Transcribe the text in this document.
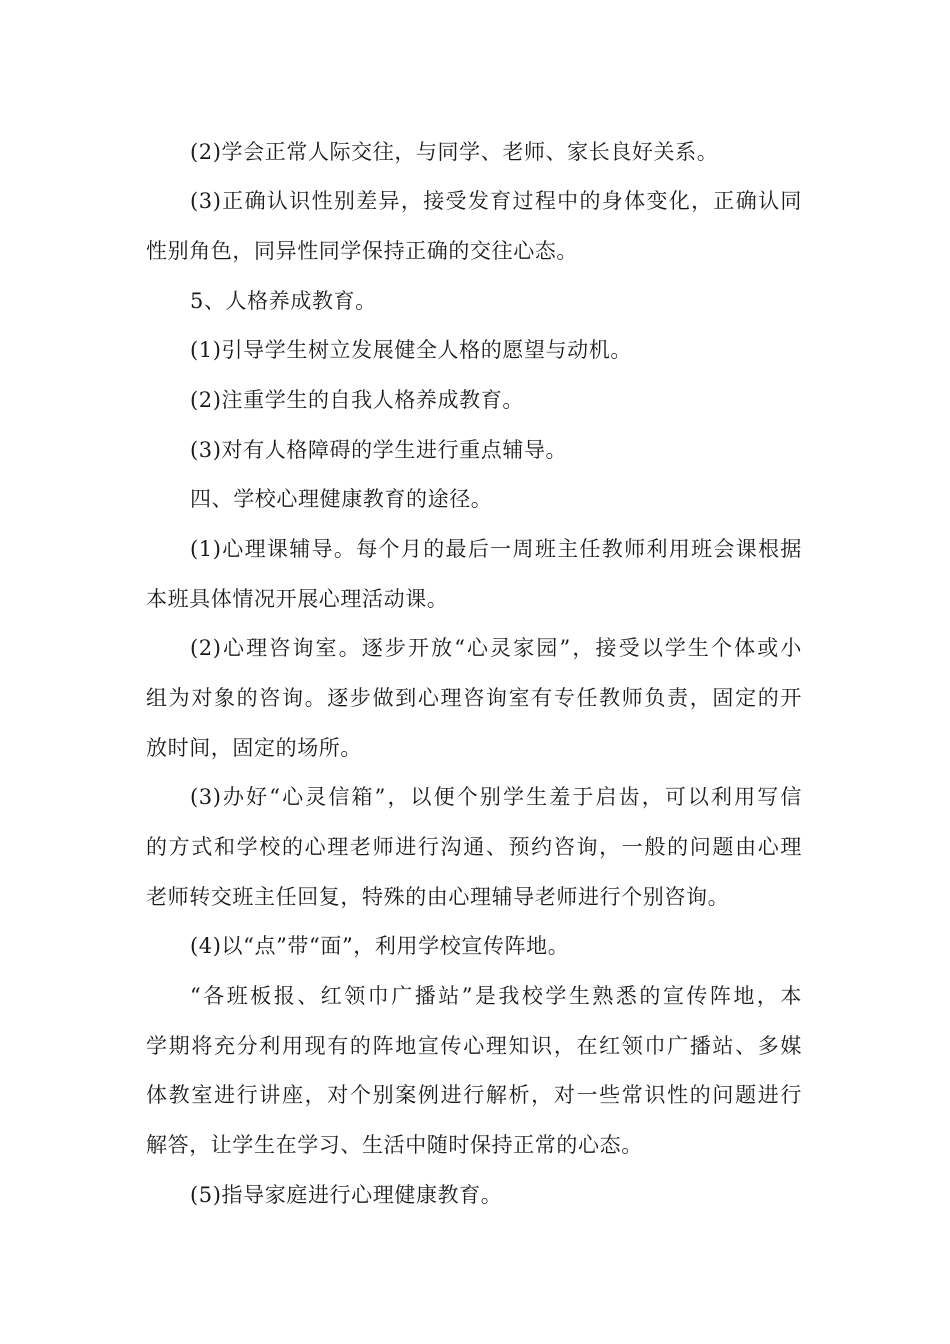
(2)学会正常人际交往，与同学、老师、家长良好关系。
(3)正确认识性别差异，接受发育过程中的身体变化，正确认同
性别角色，同异性同学保持正确的交往心态。
5、人格养成教育。
(1)引导学生树立发展健全人格的愿望与动机。
(2)注重学生的自我人格养成教育。
(3)对有人格障碍的学生进行重点辅导。
四、学校心理健康教育的途径。
(1)心理课辅导。每个月的最后一周班主任教师利用班会课根据
本班具体情况开展心理活动课。
(2)心理咨询室。逐步开放“心灵家园”，接受以学生个体或小
组为对象的咨询。逐步做到心理咨询室有专任教师负责，固定的开
放时间，固定的场所。
(3)办好“心灵信箱”，以便个别学生羞于启齿，可以利用写信
的方式和学校的心理老师进行沟通、预约咨询，一般的问题由心理
老师转交班主任回复，特殊的由心理辅导老师进行个别咨询。
(4)以“点”带“面”，利用学校宣传阵地。
“各班板报、红领巾广播站”是我校学生熟悉的宣传阵地，本
学期将充分利用现有的阵地宣传心理知识，在红领巾广播站、多媒
体教室进行讲座，对个别案例进行解析，对一些常识性的问题进行
解答，让学生在学习、生活中随时保持正常的心态。
(5)指导家庭进行心理健康教育。
